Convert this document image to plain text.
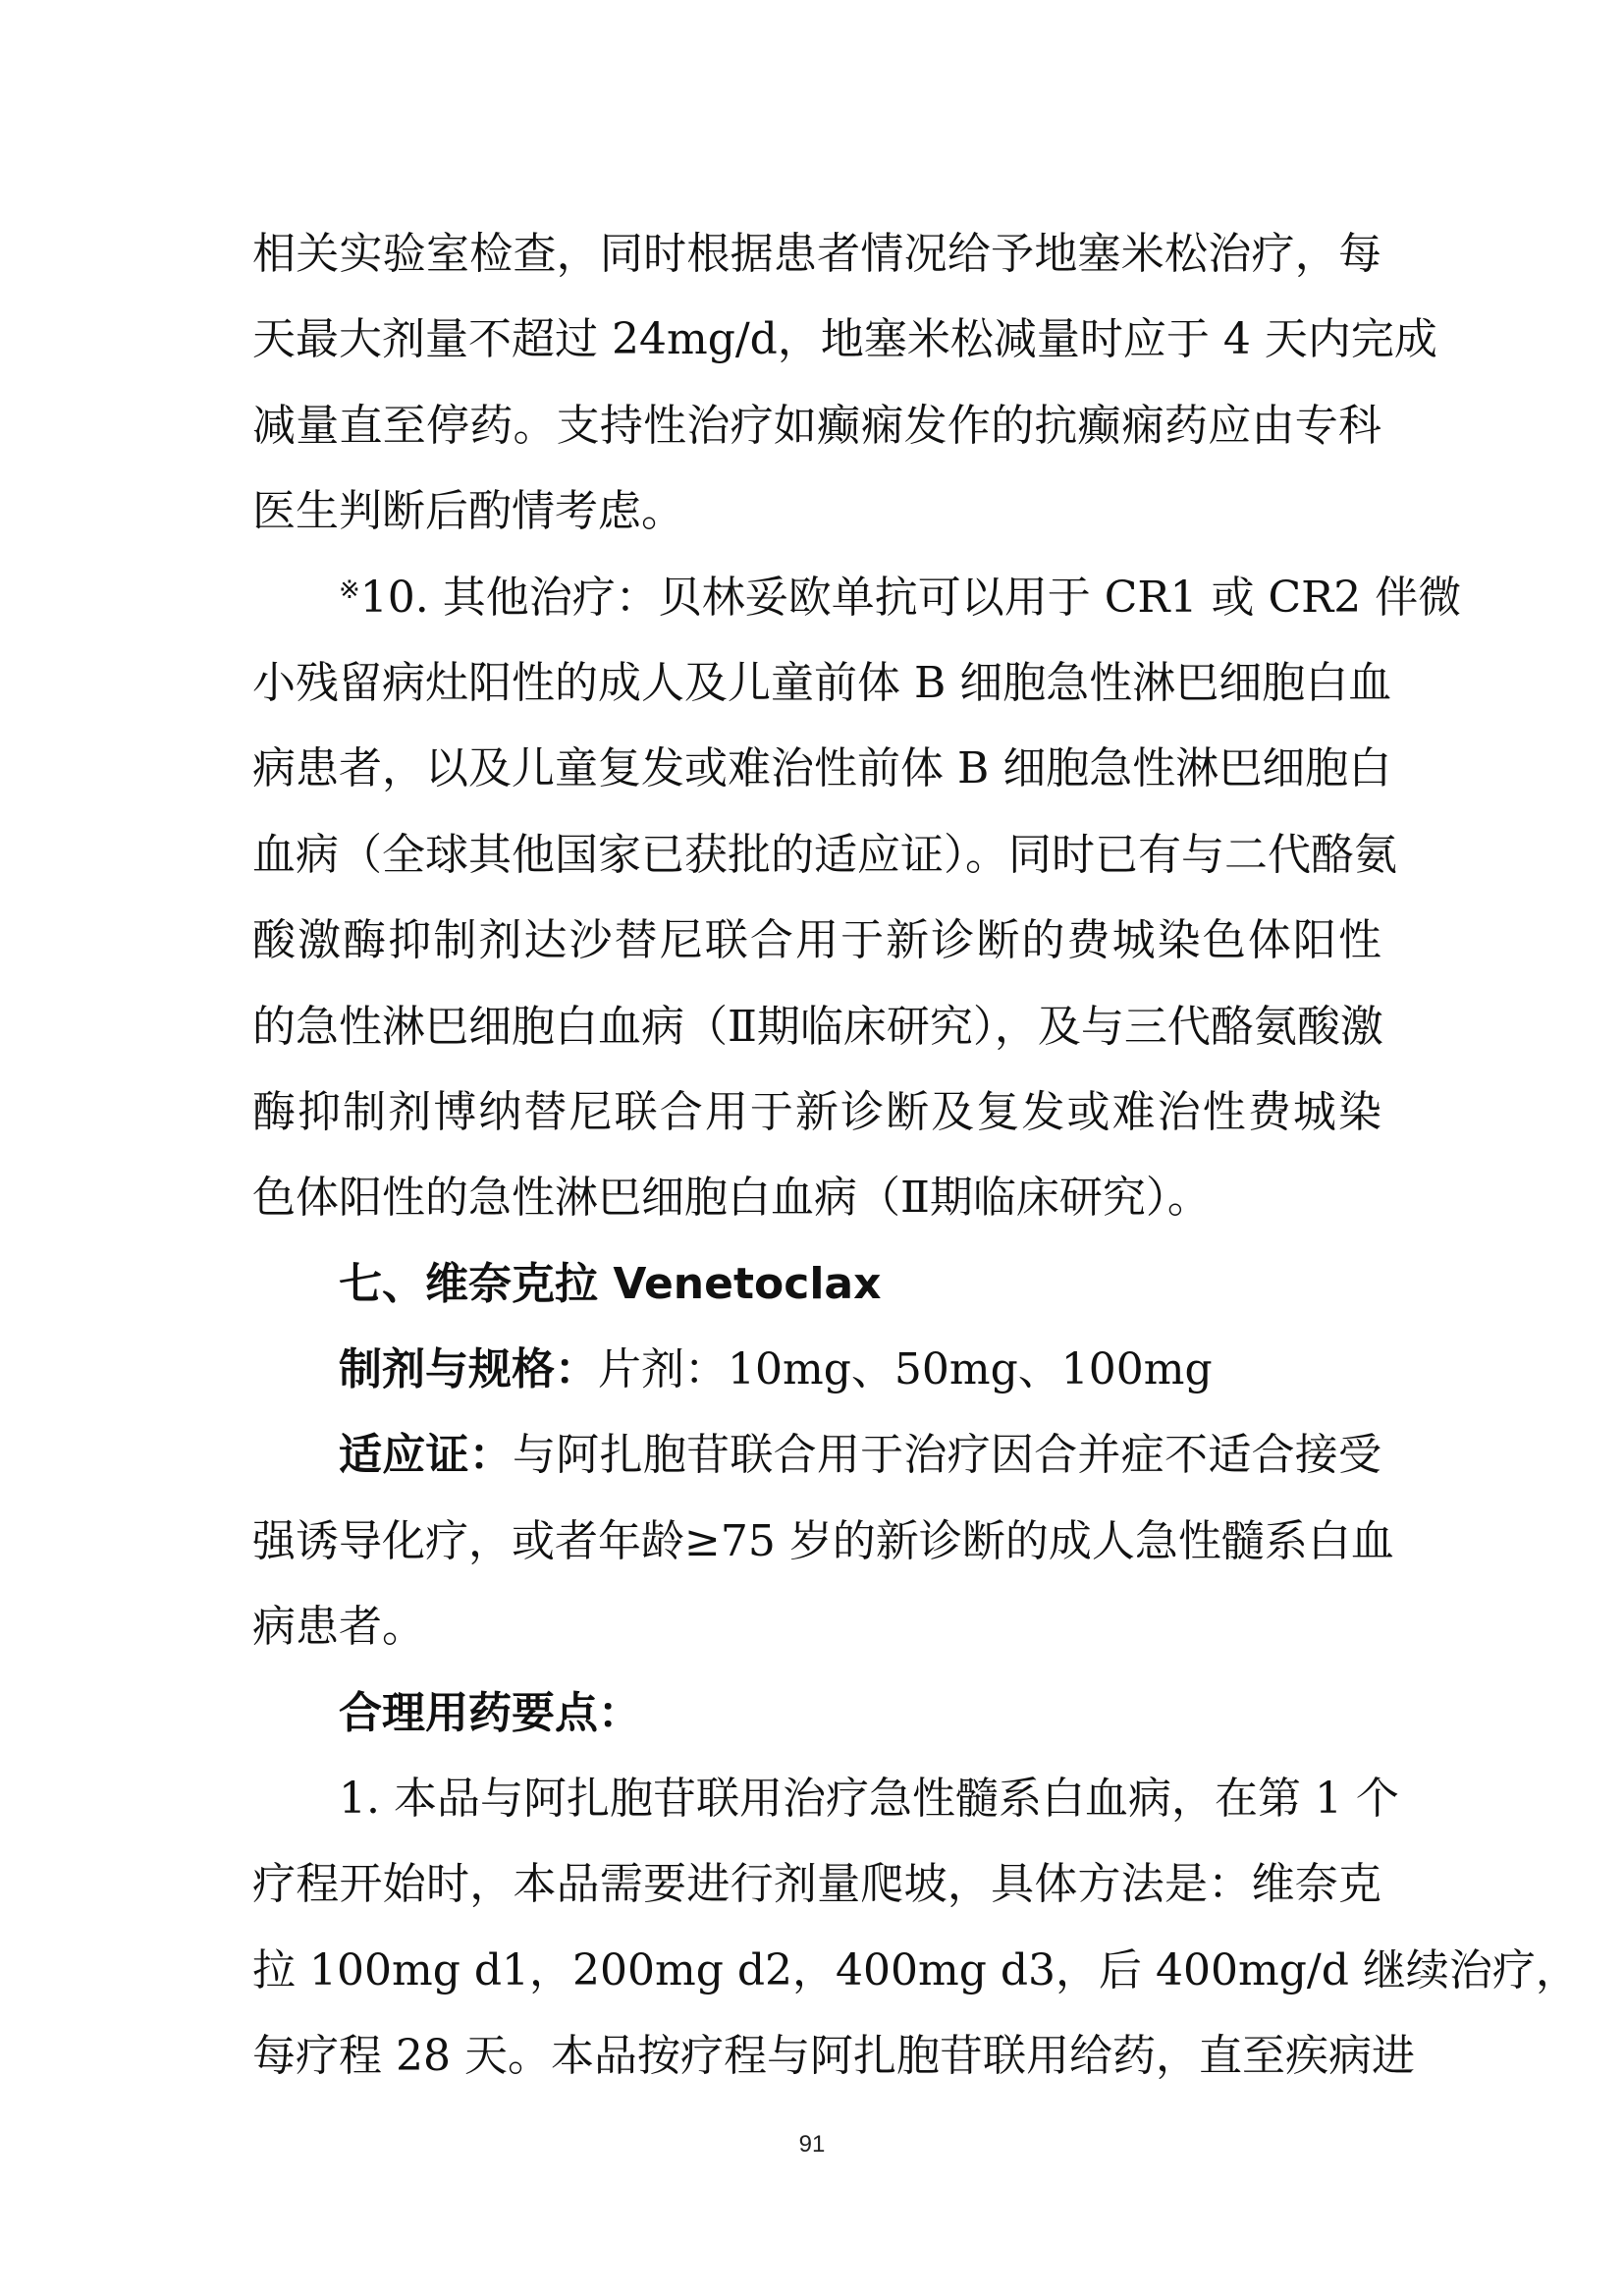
相关实验室检查，同时根据患者情况给予地塞米松治疗，每
天最大剂量不超过 24mg/d，地塞米松减量时应于 4 天内完成
减量直至停药。支持性治疗如癫痫发作的抗癫痫药应由专科
医生判断后酌情考虑。
※10. 其他治疗：贝林妥欧单抗可以用于 CR1 或 CR2 伴微
小残留病灶阳性的成人及儿童前体 B 细胞急性淋巴细胞白血
病患者，以及儿童复发或难治性前体 B 细胞急性淋巴细胞白
血病（全球其他国家已获批的适应证）。同时已有与二代酪氨
酸激酶抑制剂达沙替尼联合用于新诊断的费城染色体阳性
的急性淋巴细胞白血病（Ⅱ期临床研究），及与三代酪氨酸激
酶抑制剂博纳替尼联合用于新诊断及复发或难治性费城染
色体阳性的急性淋巴细胞白血病（Ⅱ期临床研究）。
七、维奈克拉 Venetoclax
制剂与规格：片剂：10mg、50mg、100mg
适应证：与阿扎胞苷联合用于治疗因合并症不适合接受
强诱导化疗，或者年龄≥75 岁的新诊断的成人急性髓系白血
病患者。
合理用药要点：
1. 本品与阿扎胞苷联用治疗急性髓系白血病，在第 1 个
疗程开始时，本品需要进行剂量爬坡，具体方法是：维奈克
拉 100mg d1，200mg d2，400mg d3，后 400mg/d 继续治疗，
每疗程 28 天。本品按疗程与阿扎胞苷联用给药，直至疾病进
91
